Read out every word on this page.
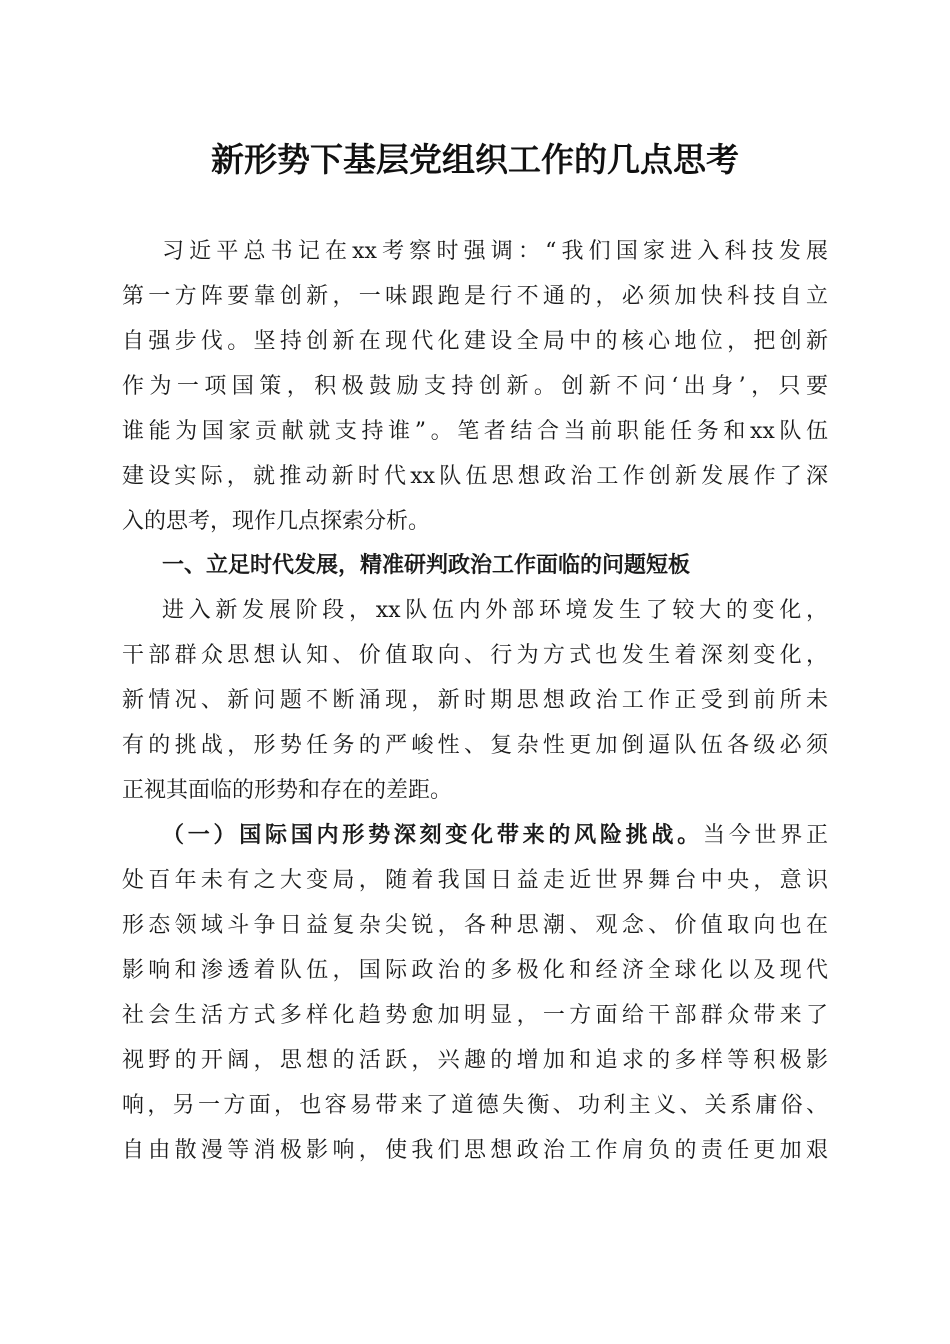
新形势下基层党组织工作的几点思考

习近平总书记在xx考察时强调：“我们国家进入科技发展

第一方阵要靠创新，一味跟跑是行不通的，必须加快科技自立

自强步伐。坚持创新在现代化建设全局中的核心地位，把创新

作为一项国策，积极鼓励支持创新。创新不问‘出身’，只要

谁能为国家贡献就支持谁”。笔者结合当前职能任务和xx队伍

建设实际，就推动新时代xx队伍思想政治工作创新发展作了深

入的思考，现作几点探索分析。

一、立足时代发展，精准研判政治工作面临的问题短板

进入新发展阶段，xx队伍内外部环境发生了较大的变化，

干部群众思想认知、价值取向、行为方式也发生着深刻变化，

新情况、新问题不断涌现，新时期思想政治工作正受到前所未

有的挑战，形势任务的严峻性、复杂性更加倒逼队伍各级必须

正视其面临的形势和存在的差距。

（一）国际国内形势深刻变化带来的风险挑战。当今世界正

处百年未有之大变局，随着我国日益走近世界舞台中央，意识

形态领域斗争日益复杂尖锐，各种思潮、观念、价值取向也在

影响和渗透着队伍，国际政治的多极化和经济全球化以及现代

社会生活方式多样化趋势愈加明显，一方面给干部群众带来了

视野的开阔，思想的活跃，兴趣的增加和追求的多样等积极影

响，另一方面，也容易带来了道德失衡、功利主义、关系庸俗、

自由散漫等消极影响，使我们思想政治工作肩负的责任更加艰
